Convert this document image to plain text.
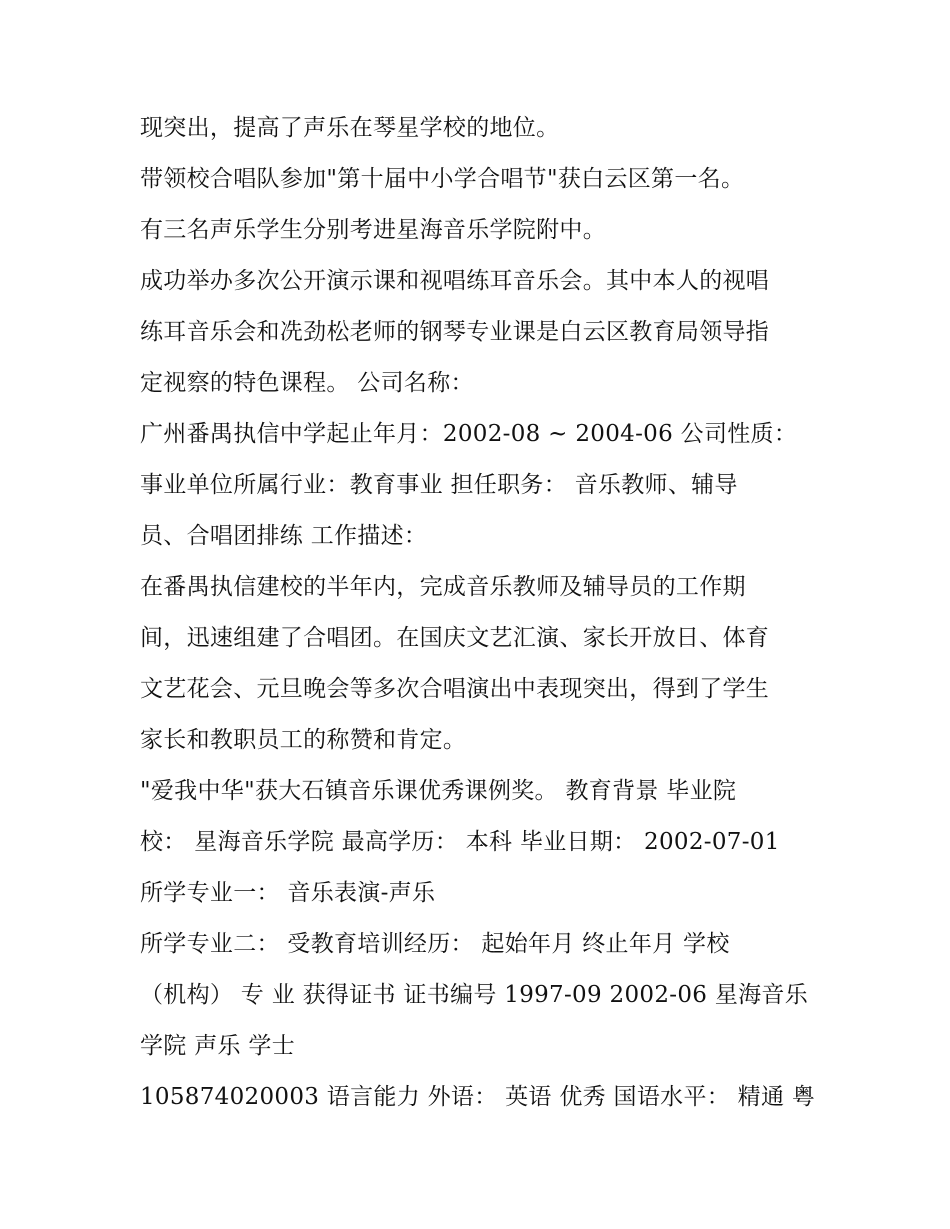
现突出，提高了声乐在琴星学校的地位。
带领校合唱队参加"第十届中小学合唱节"获白云区第一名。
有三名声乐学生分别考进星海音乐学院附中。
成功举办多次公开演示课和视唱练耳音乐会。其中本人的视唱
练耳音乐会和冼劲松老师的钢琴专业课是白云区教育局领导指
定视察的特色课程。 公司名称：
广州番禺执信中学起止年月：2002-08 ~ 2004-06 公司性质：
事业单位所属行业：教育事业 担任职务： 音乐教师、辅导
员、合唱团排练 工作描述：
在番禺执信建校的半年内，完成音乐教师及辅导员的工作期
间，迅速组建了合唱团。在国庆文艺汇演、家长开放日、体育
文艺花会、元旦晚会等多次合唱演出中表现突出，得到了学生
家长和教职员工的称赞和肯定。
"爱我中华"获大石镇音乐课优秀课例奖。 教育背景 毕业院
校： 星海音乐学院 最高学历： 本科 毕业日期： 2002-07-01
所学专业一： 音乐表演-声乐
所学专业二： 受教育培训经历： 起始年月 终止年月 学校
（机构） 专 业 获得证书 证书编号 1997-09 2002-06 星海音乐
学院 声乐 学士
105874020003 语言能力 外语： 英语 优秀 国语水平： 精通 粤
